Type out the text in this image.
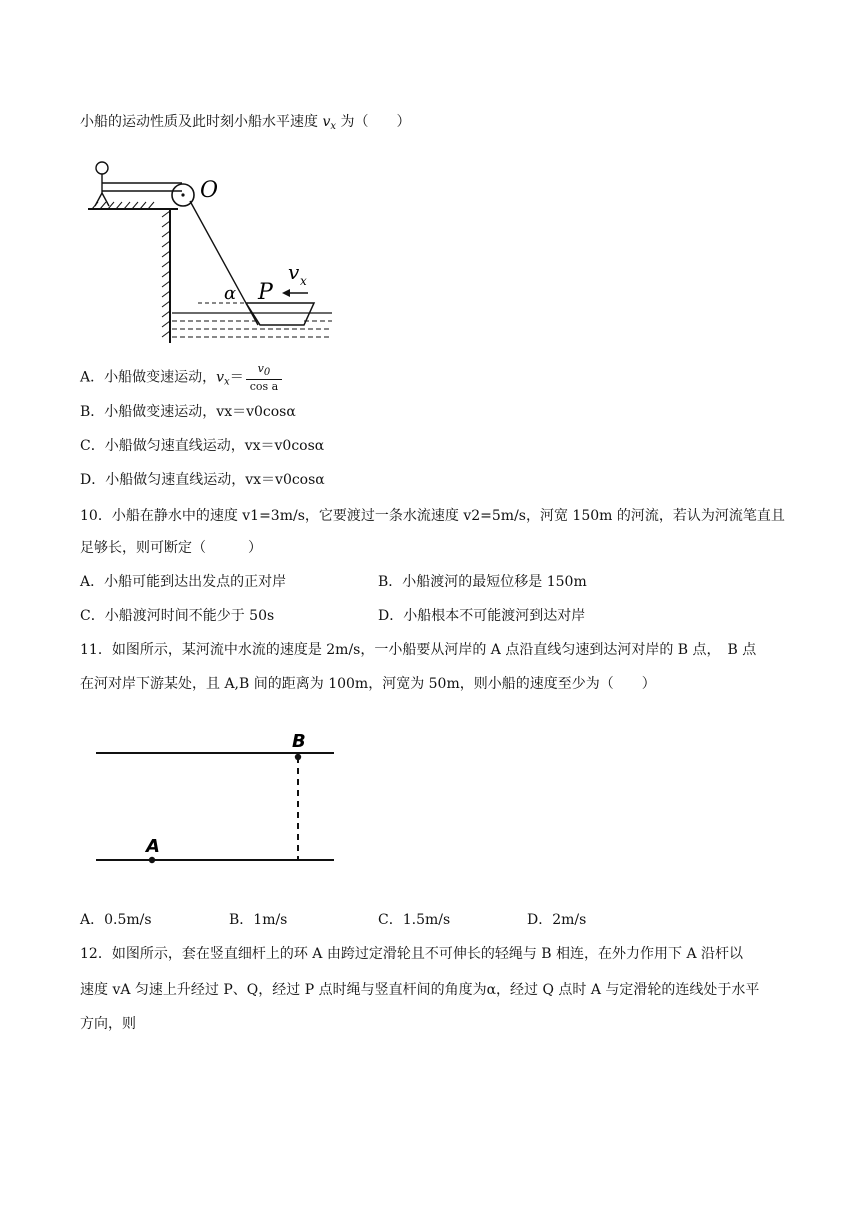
小船的运动性质及此时刻小船水平速度 $v_x$ 为（　　）
O
α P
v x
A．小船做变速运动，$v_x= \frac{v0}{\text{cos a}}$
B．小船做变速运动，vx＝v0cosα
C．小船做匀速直线运动，vx＝v0cosα
D．小船做匀速直线运动，vx＝v0cosα
10．小船在静水中的速度 v1=3m/s，它要渡过一条水流速度 v2=5m/s，河宽 150m 的河流，若认为河流笔直且
足够长，则可断定（　　　）
A．小船可能到达出发点的正对岸	B．小船渡河的最短位移是 150m
C．小船渡河时间不能少于 50s	D．小船根本不可能渡河到达对岸
11．如图所示，某河流中水流的速度是 2m/s，一小船要从河岸的 A 点沿直线匀速到达河对岸的 B 点，　B 点
在河对岸下游某处，且 A,B 间的距离为 100m，河宽为 50m，则小船的速度至少为（　　）
B
A
A．0.5m/s	B．1m/s	C．1.5m/s	D．2m/s
12．如图所示，套在竖直细杆上的环 A 由跨过定滑轮且不可伸长的轻绳与 B 相连，在外力作用下 A 沿杆以
速度 vA 匀速上升经过 P、Q，经过 P 点时绳与竖直杆间的角度为α，经过 Q 点时 A 与定滑轮的连线处于水平
方向，则
